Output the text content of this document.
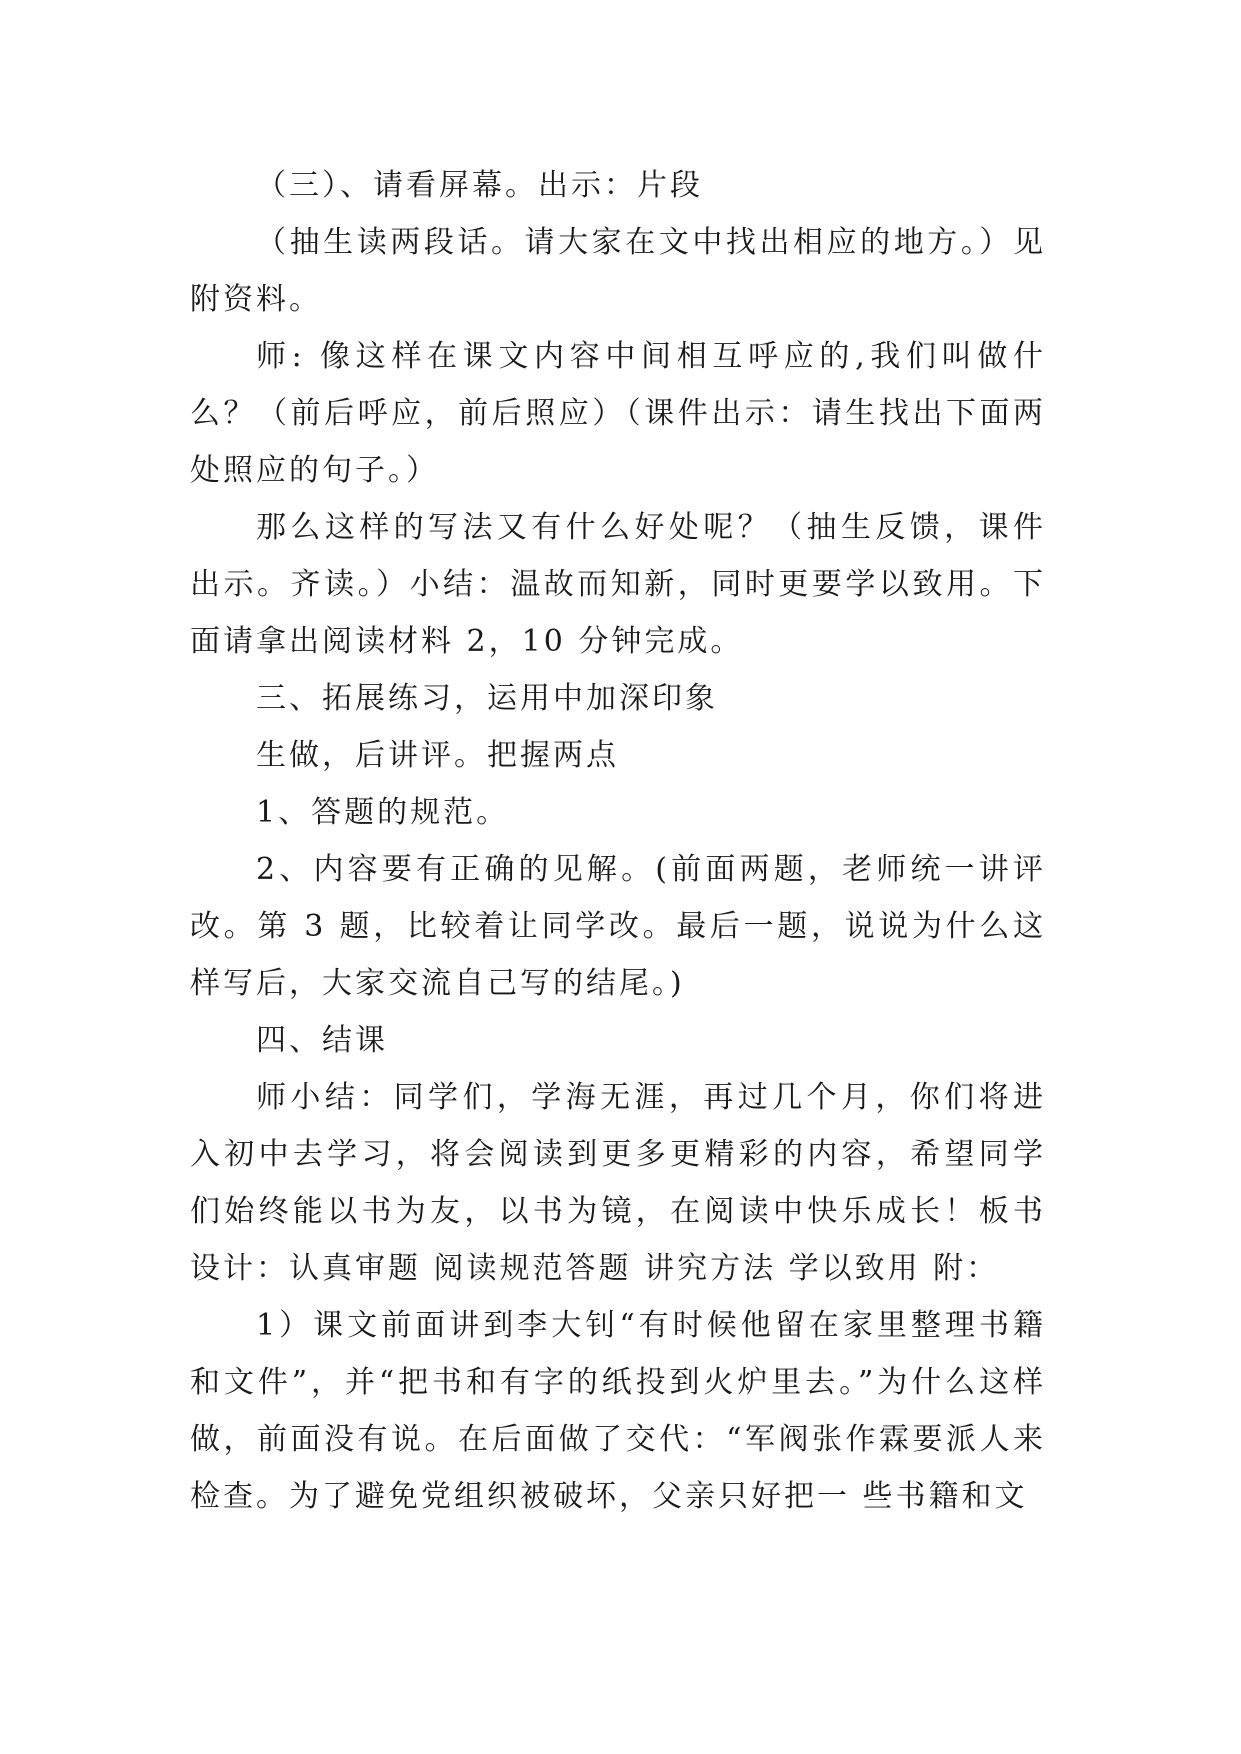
（三）、请看屏幕。出示：片段

（抽生读两段话。请大家在文中找出相应的地方。）见附资料。

师: 像这样在课文内容中间相互呼应的,我们叫做什么？（前后呼应，前后照应）（课件出示：请生找出下面两处照应的句子。）

那么这样的写法又有什么好处呢？（抽生反馈，课件出示。齐读。）小结：温故而知新，同时更要学以致用。下面请拿出阅读材料 2，10 分钟完成。

三、拓展练习，运用中加深印象

生做，后讲评。把握两点

1、答题的规范。

2、内容要有正确的见解。(前面两题，老师统一讲评改。第 3 题，比较着让同学改。最后一题，说说为什么这样写后，大家交流自己写的结尾。)

四、结课

师小结：同学们，学海无涯，再过几个月，你们将进入初中去学习，将会阅读到更多更精彩的内容，希望同学们始终能以书为友，以书为镜，在阅读中快乐成长！板书设计：认真审题 阅读规范答题 讲究方法 学以致用 附：

1）课文前面讲到李大钊“有时候他留在家里整理书籍和文件”，并“把书和有字的纸投到火炉里去。”为什么这样做，前面没有说。在后面做了交代：“军阀张作霖要派人来检查。为了避免党组织被破坏，父亲只好把一 些书籍和文
